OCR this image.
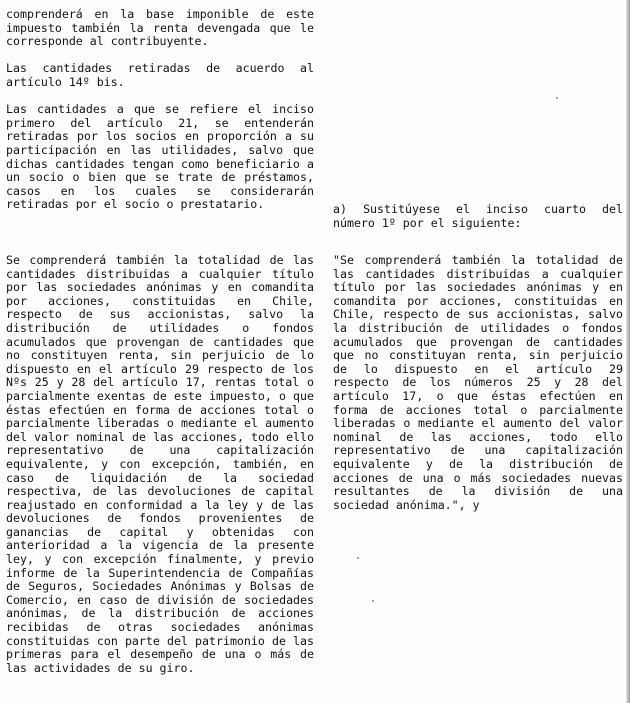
comprenderá en la base imponible de este impuesto también la renta devengada que le corresponde al contribuyente.

Las cantidades retiradas de acuerdo al artículo 14º bis.

Las cantidades a que se refiere el inciso primero del artículo 21, se entenderán retiradas por los socios en proporción a su participación en las utilidades, salvo que dichas cantidades tengan como beneficiario a un socio o bien que se trate de préstamos, casos en los cuales se considerarán retiradas por el socio o prestatario.	a) Sustitúyese el inciso cuarto del número 1º por el siguiente:

Se comprenderá también la totalidad de las cantidades distribuidas a cualquier título por las sociedades anónimas y en comandita por acciones, constituidas en Chile, respecto de sus accionistas, salvo la distribución de utilidades o fondos acumulados que provengan de cantidades que no constituyen renta, sin perjuicio de lo dispuesto en el artículo 29 respecto de los Nºs 25 y 28 del artículo 17, rentas total o parcialmente exentas de este impuesto, o que éstas efectúen en forma de acciones total o parcialmente liberadas o mediante el aumento del valor nominal de las acciones, todo ello representativo de una capitalización equivalente, y con excepción, también, en caso de liquidación de la sociedad respectiva, de las devoluciones de capital reajustado en conformidad a la ley y de las devoluciones de fondos provenientes de ganancias de capital y obtenidas con anterioridad a la vigencia de la presente ley, y con excepción finalmente, y previo informe de la Superintendencia de Compañías de Seguros, Sociedades Anónimas y Bolsas de Comercio, en caso de división de sociedades anónimas, de la distribución de acciones recibidas de otras sociedades anónimas constituidas con parte del patrimonio de las primeras para el desempeño de una o más de las actividades de su giro.

"Se comprenderá también la totalidad de las cantidades distribuidas a cualquier título por las sociedades anónimas y en comandita por acciones, constituidas en Chile, respecto de sus accionistas, salvo la distribución de utilidades o fondos acumulados que provengan de cantidades que no constituyan renta, sin perjuicio de lo dispuesto en el artículo 29 respecto de los números 25 y 28 del artículo 17, o que éstas efectúen en forma de acciones total o parcialmente liberadas o mediante el aumento del valor nominal de las acciones, todo ello representativo de una capitalización equivalente y de la distribución de acciones de una o más sociedades nuevas resultantes de la división de una sociedad anónima.", y
